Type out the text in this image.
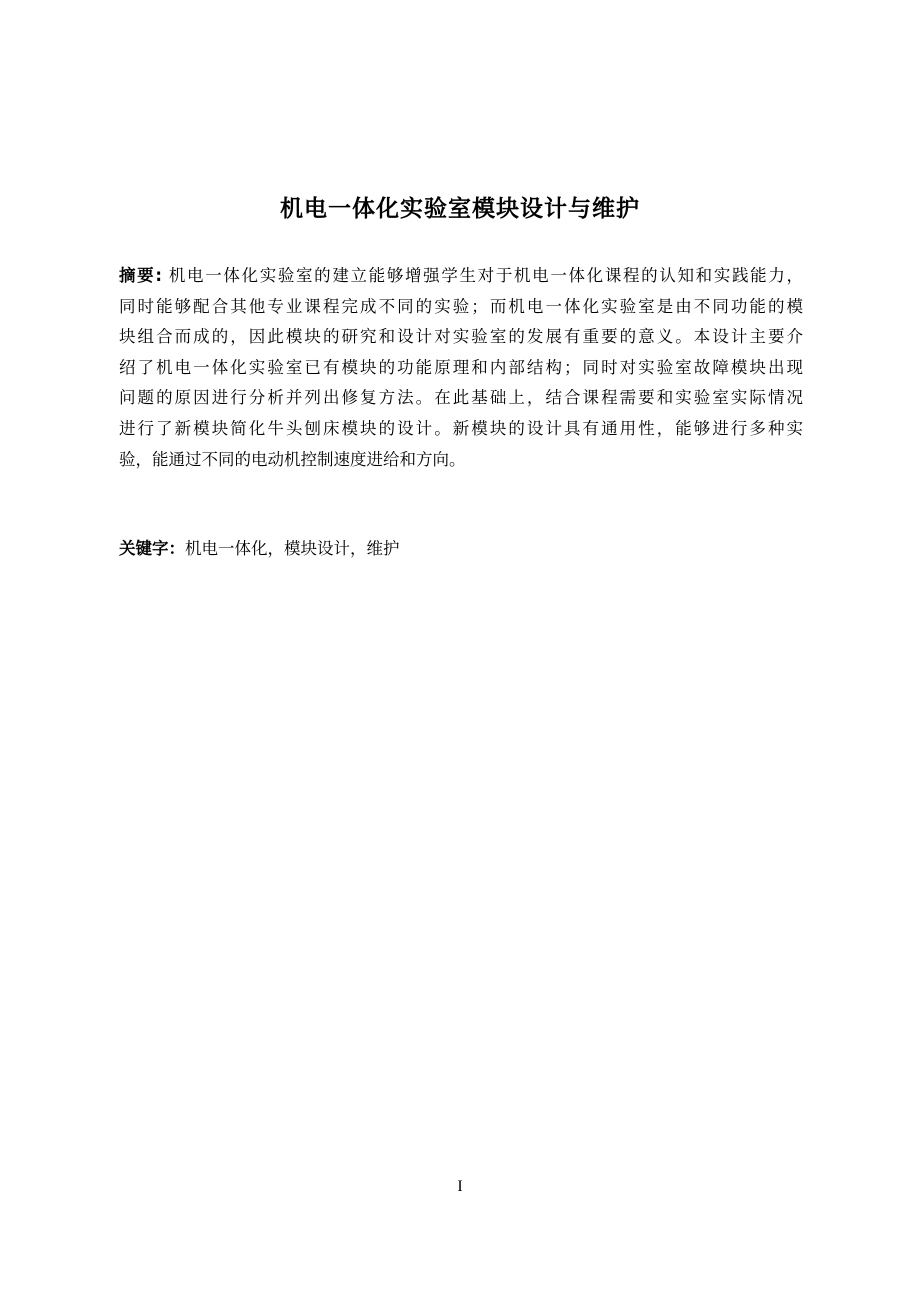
机电一体化实验室模块设计与维护
摘要: 机电一体化实验室的建立能够增强学生对于机电一体化课程的认知和实践能力，
同时能够配合其他专业课程完成不同的实验；而机电一体化实验室是由不同功能的模
块组合而成的，因此模块的研究和设计对实验室的发展有重要的意义。本设计主要介
绍了机电一体化实验室已有模块的功能原理和内部结构；同时对实验室故障模块出现
问题的原因进行分析并列出修复方法。在此基础上，结合课程需要和实验室实际情况
进行了新模块简化牛头刨床模块的设计。新模块的设计具有通用性，能够进行多种实
验，能通过不同的电动机控制速度进给和方向。
关键字：机电一体化，模块设计，维护
I
